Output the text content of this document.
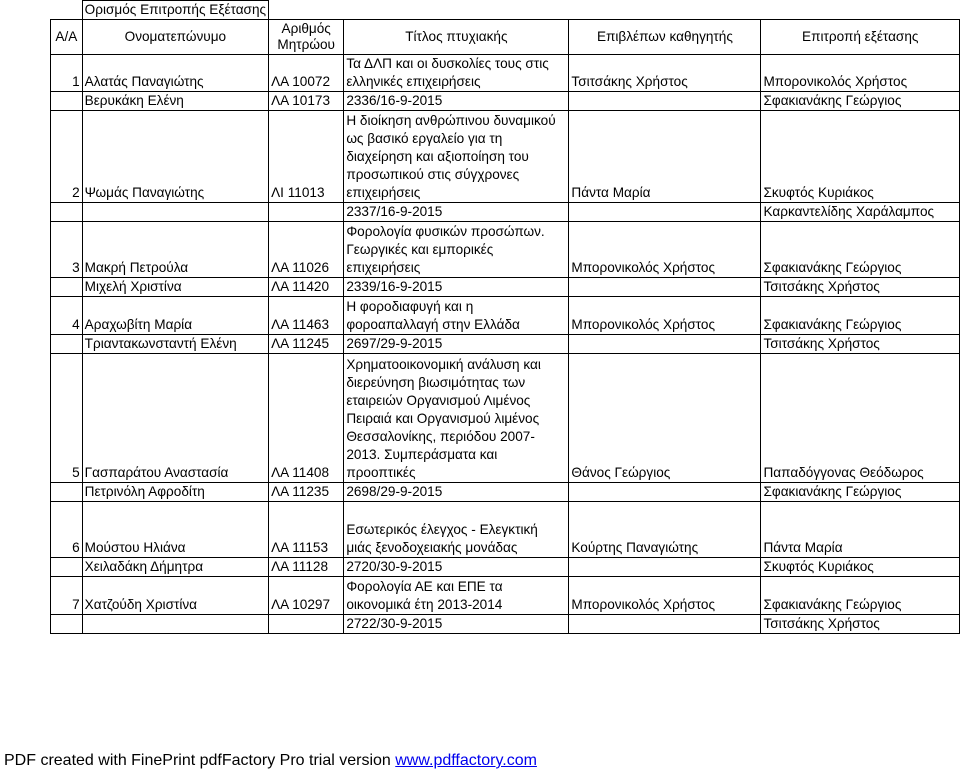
	Ορισμός Επιτροπής Εξέτασης				
Α/Α	Ονοματεπώνυμο	Αριθμός Μητρώου	Τίτλος πτυχιακής	Επιβλέπων καθηγητής	Επιτροπή εξέτασης
1	Αλατάς Παναγιώτης	ΛΑ 10072	Τα ΔΛΠ και οι δυσκολίες τους στις ελληνικές επιχειρήσεις	Τσιτσάκης Χρήστος	Μπορονικολός Χρήστος
	Βερυκάκη Ελένη	ΛΑ 10173	2336/16-9-2015		Σφακιανάκης Γεώργιος
2	Ψωμάς Παναγιώτης	ΛΙ 11013	Η διοίκηση ανθρώπινου δυναμικού ως βασικό εργαλείο για τη διαχείρηση και αξιοποίηση του προσωπικού στις σύγχρονες επιχειρήσεις	Πάντα Μαρία	Σκυφτός Κυριάκος
			2337/16-9-2015		Καρκαντελίδης Χαράλαμπος
3	Μακρή Πετρούλα	ΛΑ 11026	Φορολογία φυσικών προσώπων. Γεωργικές και εμπορικές επιχειρήσεις	Μπορονικολός Χρήστος	Σφακιανάκης Γεώργιος
	Μιχελή Χριστίνα	ΛΑ 11420	2339/16-9-2015		Τσιτσάκης Χρήστος
4	Αραχωβίτη Μαρία	ΛΑ 11463	Η φοροδιαφυγή και η φοροαπαλλαγή στην Ελλάδα	Μπορονικολός Χρήστος	Σφακιανάκης Γεώργιος
	Τριαντακωνσταντή Ελένη	ΛΑ 11245	2697/29-9-2015		Τσιτσάκης Χρήστος
5	Γασπαράτου Αναστασία	ΛΑ 11408	Χρηματοοικονομική ανάλυση και διερεύνηση βιωσιμότητας των εταιρειών Οργανισμού Λιμένος Πειραιά και Οργανισμού λιμένος Θεσσαλονίκης, περιόδου 2007-2013. Συμπεράσματα και προοπτικές	Θάνος Γεώργιος	Παπαδόγγονας Θεόδωρος
	Πετρινόλη Αφροδίτη	ΛΑ 11235	2698/29-9-2015		Σφακιανάκης Γεώργιος
6	Μούστου Ηλιάνα	ΛΑ 11153	Εσωτερικός έλεγχος - Ελεγκτική μιάς ξενοδοχειακής μονάδας	Κούρτης Παναγιώτης	Πάντα Μαρία
	Χειλαδάκη Δήμητρα	ΛΑ 11128	2720/30-9-2015		Σκυφτός Κυριάκος
7	Χατζούδη Χριστίνα	ΛΑ 10297	Φορολογία ΑΕ και ΕΠΕ τα οικονομικά έτη 2013-2014	Μπορονικολός Χρήστος	Σφακιανάκης Γεώργιος
			2722/30-9-2015		Τσιτσάκης Χρήστος
PDF created with FinePrint pdfFactory Pro trial version www.pdffactory.com
